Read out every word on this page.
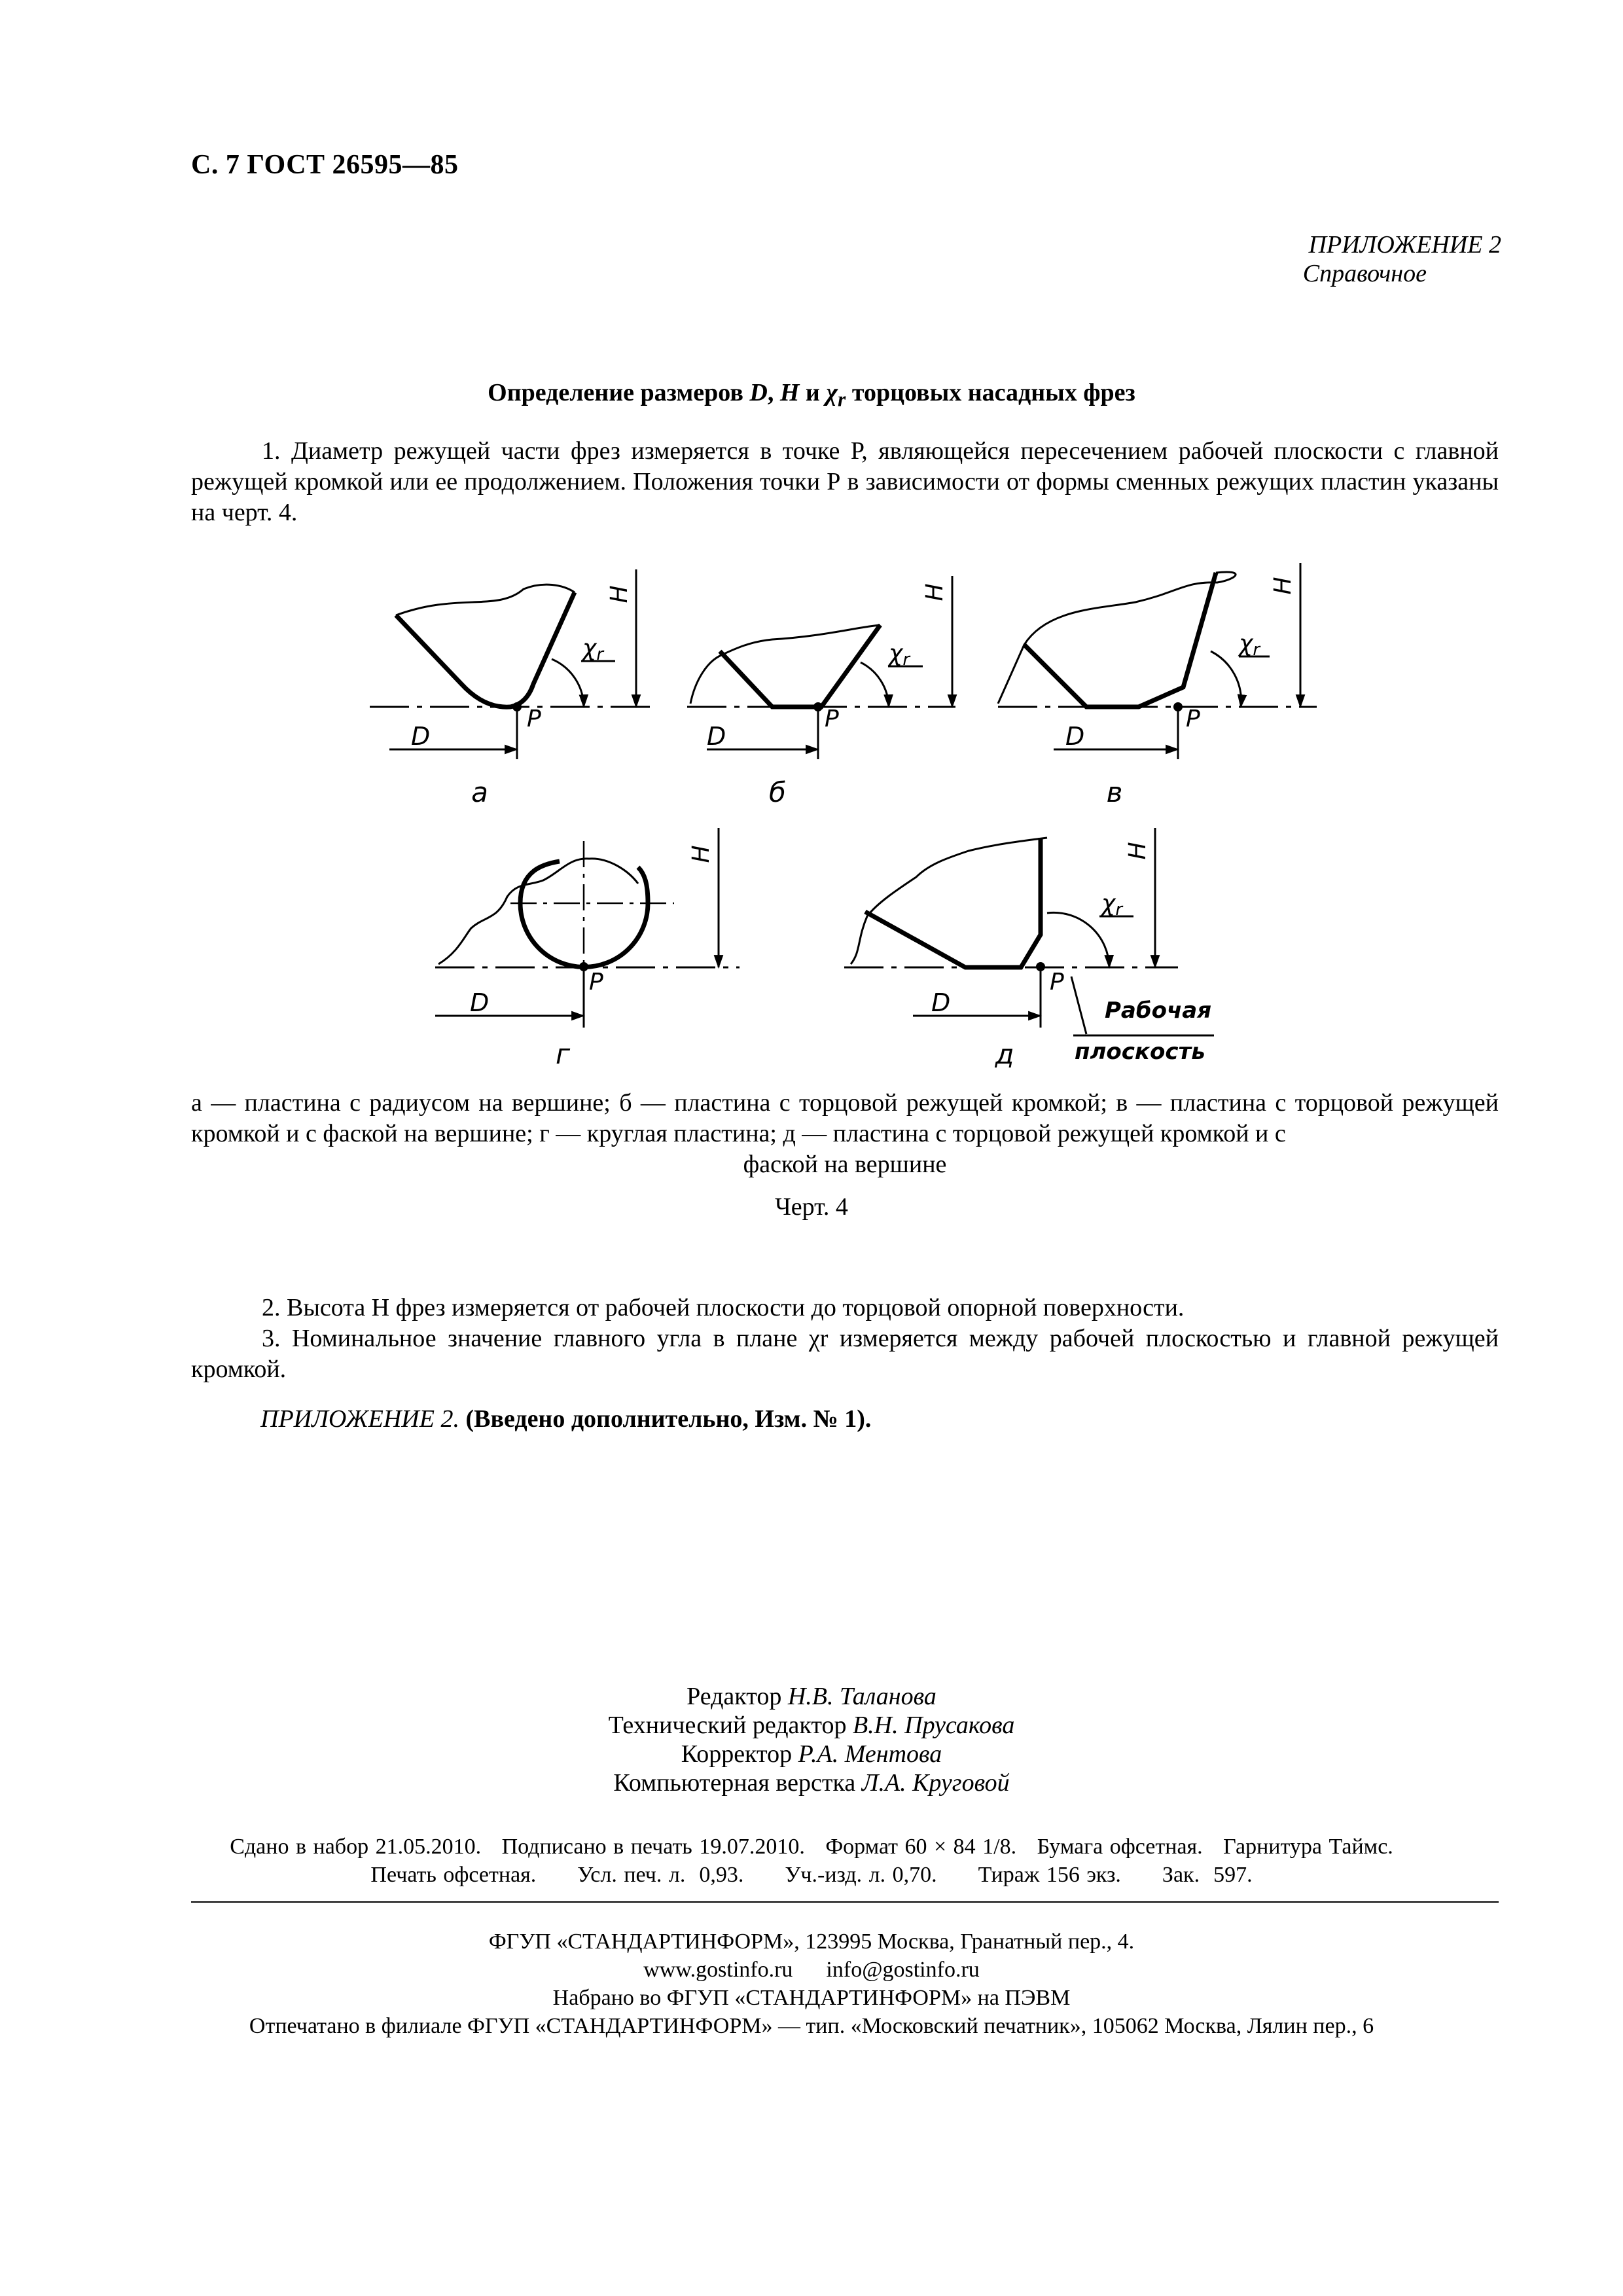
С. 7 ГОСТ 26595—85
ПРИЛОЖЕНИЕ 2
Справочное
Определение размеров D, H и $\chi_r$ торцовых насадных фрез
1. Диаметр режущей части фрез измеряется в точке Р, являющейся пересечением рабочей плоскости с главной режущей кромкой или ее продолжением. Положения точки Р в зависимости от формы сменных режущих пластин указаны на черт. 4.
H	H	H
H	H
D	D	D
D	D
P	P	P
P	P
χr	χr
χr
χr
Рабочая
плоскость
а	б	в
г	д
а — пластина с радиусом на вершине; б — пластина с торцовой режущей кромкой; в — пластина с торцовой режущей кромкой и с фаской на вершине; г — круглая пластина; д — пластина с торцовой режущей кромкой и с
фаской на вершине
Черт. 4
2. Высота H фрез измеряется от рабочей плоскости до торцовой опорной поверхности.
3. Номинальное значение главного угла в плане χr измеряется между рабочей плоскостью и главной режущей кромкой.
ПРИЛОЖЕНИЕ 2. (Введено дополнительно, Изм. № 1).
Редактор Н.В. Таланова
Технический редактор В.Н. Прусакова
Корректор Р.А. Ментова
Компьютерная верстка Л.А. Круговой
Сдано в набор 21.05.2010.   Подписано в печать 19.07.2010.   Формат 60 × 84 1/8.   Бумага офсетная.   Гарнитура Таймс.
Печать офсетная.      Усл. печ. л.  0,93.      Уч.-изд. л. 0,70.      Тираж 156 экз.      Зак.  597.
ФГУП «СТАНДАРТИНФОРМ», 123995 Москва, Гранатный пер., 4.
www.gostinfo.ru      info@gostinfo.ru
Набрано во ФГУП «СТАНДАРТИНФОРМ» на ПЭВМ
Отпечатано в филиале ФГУП «СТАНДАРТИНФОРМ» — тип. «Московский печатник», 105062 Москва, Лялин пер., 6
